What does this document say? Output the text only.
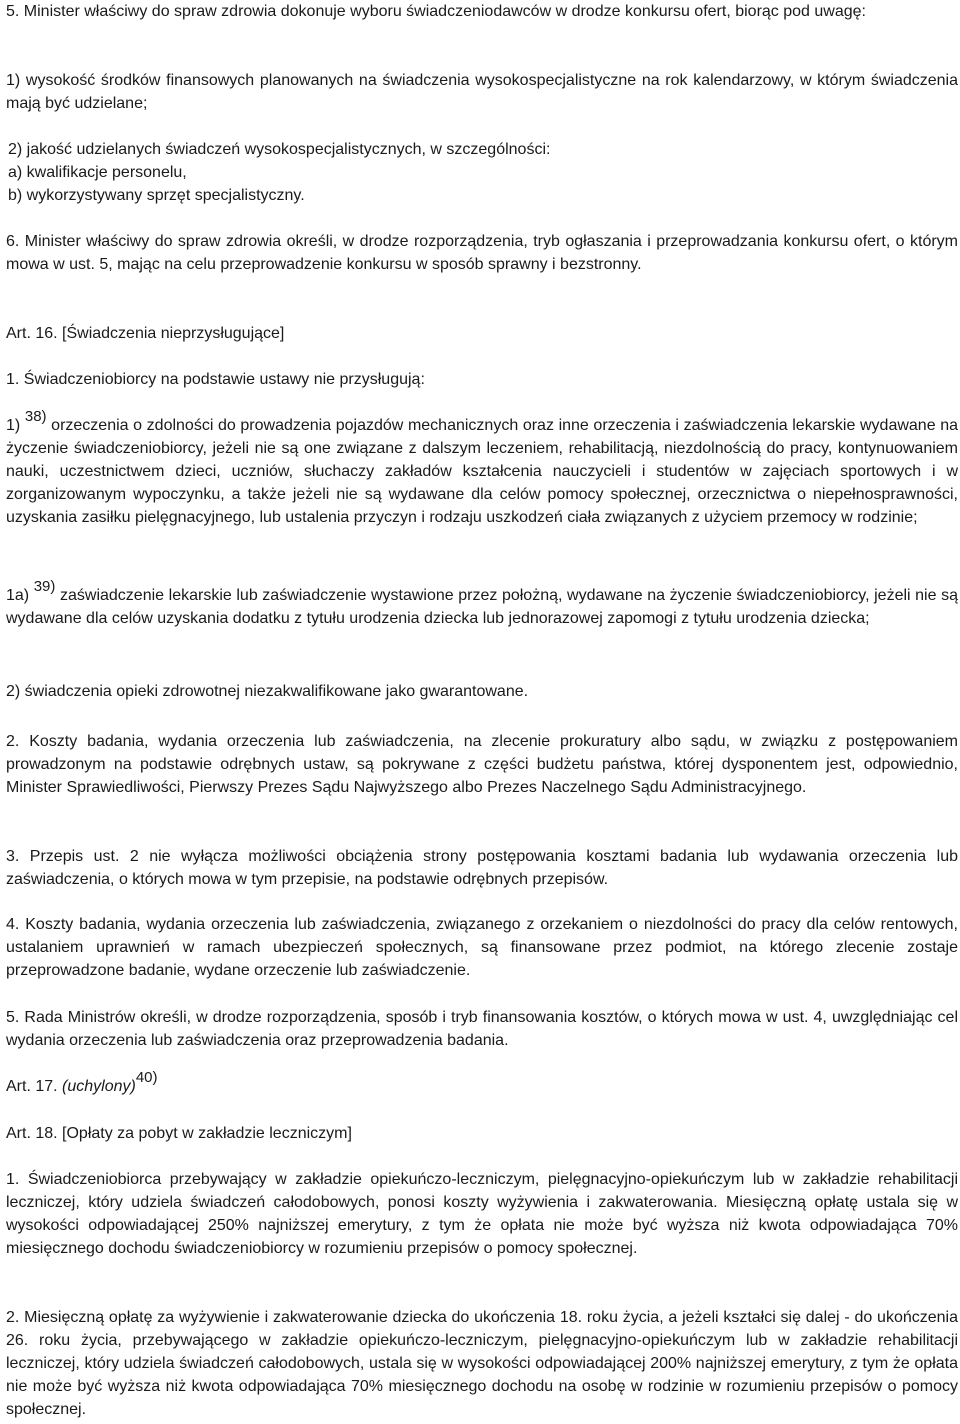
5. Minister właściwy do spraw zdrowia dokonuje wyboru świadczeniodawców w drodze konkursu ofert, biorąc pod uwagę:

1) wysokość środków finansowych planowanych na świadczenia wysokospecjalistyczne na rok kalendarzowy, w którym świadczenia mają być udzielane;

2) jakość udzielanych świadczeń wysokospecjalistycznych, w szczególności:

a) kwalifikacje personelu,

b) wykorzystywany sprzęt specjalistyczny.

6. Minister właściwy do spraw zdrowia określi, w drodze rozporządzenia, tryb ogłaszania i przeprowadzania konkursu ofert, o którym mowa w ust. 5, mając na celu przeprowadzenie konkursu w sposób sprawny i bezstronny.

Art. 16. [Świadczenia nieprzysługujące]

1. Świadczeniobiorcy na podstawie ustawy nie przysługują:

1) 38) orzeczenia o zdolności do prowadzenia pojazdów mechanicznych oraz inne orzeczenia i zaświadczenia lekarskie wydawane na życzenie świadczeniobiorcy, jeżeli nie są one związane z dalszym leczeniem, rehabilitacją, niezdolnością do pracy, kontynuowaniem nauki, uczestnictwem dzieci, uczniów, słuchaczy zakładów kształcenia nauczycieli i studentów w zajęciach sportowych i w zorganizowanym wypoczynku, a także jeżeli nie są wydawane dla celów pomocy społecznej, orzecznictwa o niepełnosprawności, uzyskania zasiłku pielęgnacyjnego, lub ustalenia przyczyn i rodzaju uszkodzeń ciała związanych z użyciem przemocy w rodzinie;

1a) 39) zaświadczenie lekarskie lub zaświadczenie wystawione przez położną, wydawane na życzenie świadczeniobiorcy, jeżeli nie są wydawane dla celów uzyskania dodatku z tytułu urodzenia dziecka lub jednorazowej zapomogi z tytułu urodzenia dziecka;

2) świadczenia opieki zdrowotnej niezakwalifikowane jako gwarantowane.

2. Koszty badania, wydania orzeczenia lub zaświadczenia, na zlecenie prokuratury albo sądu, w związku z postępowaniem prowadzonym na podstawie odrębnych ustaw, są pokrywane z części budżetu państwa, której dysponentem jest, odpowiednio, Minister Sprawiedliwości, Pierwszy Prezes Sądu Najwyższego albo Prezes Naczelnego Sądu Administracyjnego.

3. Przepis ust. 2 nie wyłącza możliwości obciążenia strony postępowania kosztami badania lub wydawania orzeczenia lub zaświadczenia, o których mowa w tym przepisie, na podstawie odrębnych przepisów.

4. Koszty badania, wydania orzeczenia lub zaświadczenia, związanego z orzekaniem o niezdolności do pracy dla celów rentowych, ustalaniem uprawnień w ramach ubezpieczeń społecznych, są finansowane przez podmiot, na którego zlecenie zostaje przeprowadzone badanie, wydane orzeczenie lub zaświadczenie.

5. Rada Ministrów określi, w drodze rozporządzenia, sposób i tryb finansowania kosztów, o których mowa w ust. 4, uwzględniając cel wydania orzeczenia lub zaświadczenia oraz przeprowadzenia badania.

Art. 17. (uchylony)40)

Art. 18. [Opłaty za pobyt w zakładzie leczniczym]

1. Świadczeniobiorca przebywający w zakładzie opiekuńczo-leczniczym, pielęgnacyjno-opiekuńczym lub w zakładzie rehabilitacji leczniczej, który udziela świadczeń całodobowych, ponosi koszty wyżywienia i zakwaterowania. Miesięczną opłatę ustala się w wysokości odpowiadającej 250% najniższej emerytury, z tym że opłata nie może być wyższa niż kwota odpowiadająca 70% miesięcznego dochodu świadczeniobiorcy w rozumieniu przepisów o pomocy społecznej.

2. Miesięczną opłatę za wyżywienie i zakwaterowanie dziecka do ukończenia 18. roku życia, a jeżeli kształci się dalej - do ukończenia 26. roku życia, przebywającego w zakładzie opiekuńczo-leczniczym, pielęgnacyjno-opiekuńczym lub w zakładzie rehabilitacji leczniczej, który udziela świadczeń całodobowych, ustala się w wysokości odpowiadającej 200% najniższej emerytury, z tym że opłata nie może być wyższa niż kwota odpowiadająca 70% miesięcznego dochodu na osobę w rodzinie w rozumieniu przepisów o pomocy społecznej.
